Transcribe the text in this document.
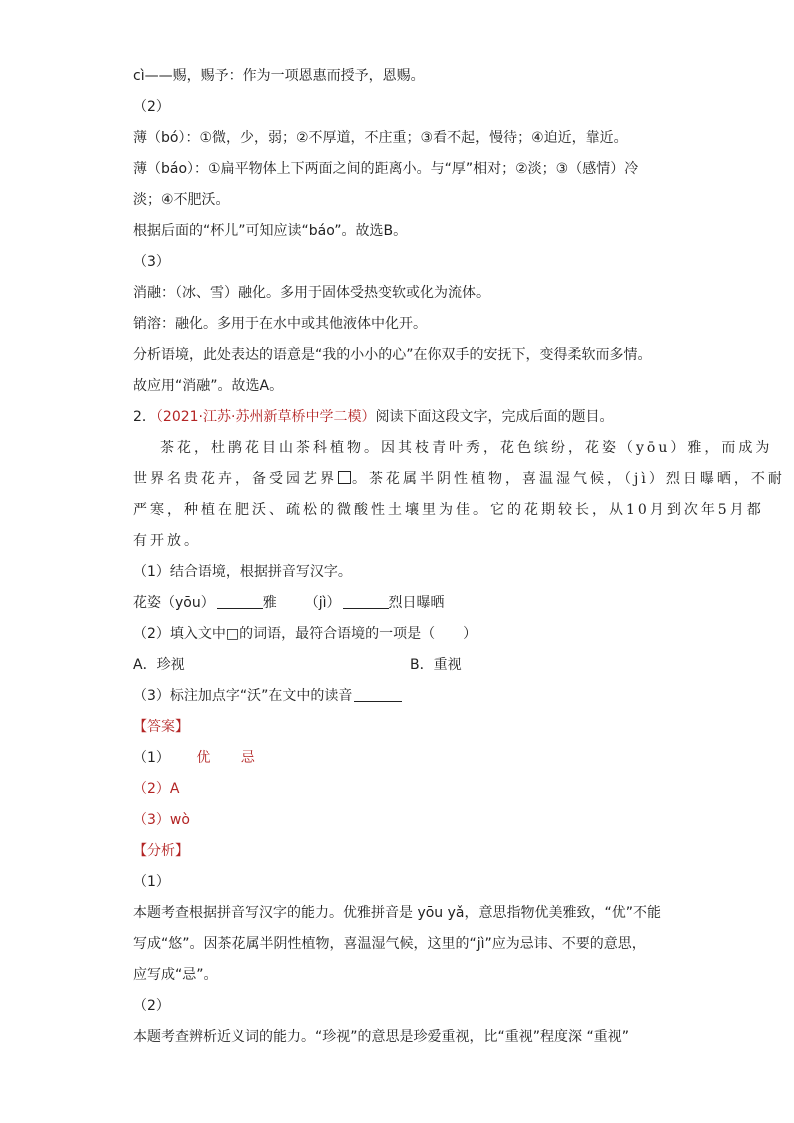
cì——赐，赐予：作为一项恩惠而授予，恩赐。
（2）
薄（bó）：①微，少，弱；②不厚道，不庄重；③看不起，慢待；④迫近，靠近。
薄（báo）：①扁平物体上下两面之间的距离小。与“厚”相对；②淡；③（感情）冷
淡；④不肥沃。
根据后面的“杯儿”可知应读“báo”。故选B。
（3）
消融：（冰、雪）融化。多用于固体受热变软或化为流体。
销溶：融化。多用于在水中或其他液体中化开。
分析语境，此处表达的语意是“我的小小的心”在你双手的安抚下，变得柔软而多情。
故应用“消融”。故选A。
2．（2021·江苏·苏州新草桥中学二模）阅读下面这段文字，完成后面的题目。
茶花，杜鹃花目山茶科植物。因其枝青叶秀，花色缤纷，花姿（yōu）雅，而成为
世界名贵花卉，备受园艺界 。茶花属半阴性植物，喜温湿气候，（jì）烈日曝晒，不耐
严寒，种植在肥沃、疏松的微酸性土壤里为佳。它的花期较长，从10月到次年5月都
有开放。
（1）结合语境，根据拼音写汉字。
花姿（yōu）	雅 （jì）	烈日曝晒
（2）填入文中□的词语，最符合语境的一项是（　　）
A．珍视	B．重视
（3）标注加点字“沃”在文中的读音
【答案】
（1） 优 忌
（2）A
（3）wò
【分析】
（1）
本题考查根据拼音写汉字的能力。优雅拼音是 yōu yǎ，意思指物优美雅致，“优”不能
写成“悠”。因茶花属半阴性植物，喜温湿气候，这里的“jì”应为忌讳、不要的意思，
应写成“忌”。
（2）
本题考查辨析近义词的能力。“珍视”的意思是珍爱重视，比“重视”程度深 “重视”
